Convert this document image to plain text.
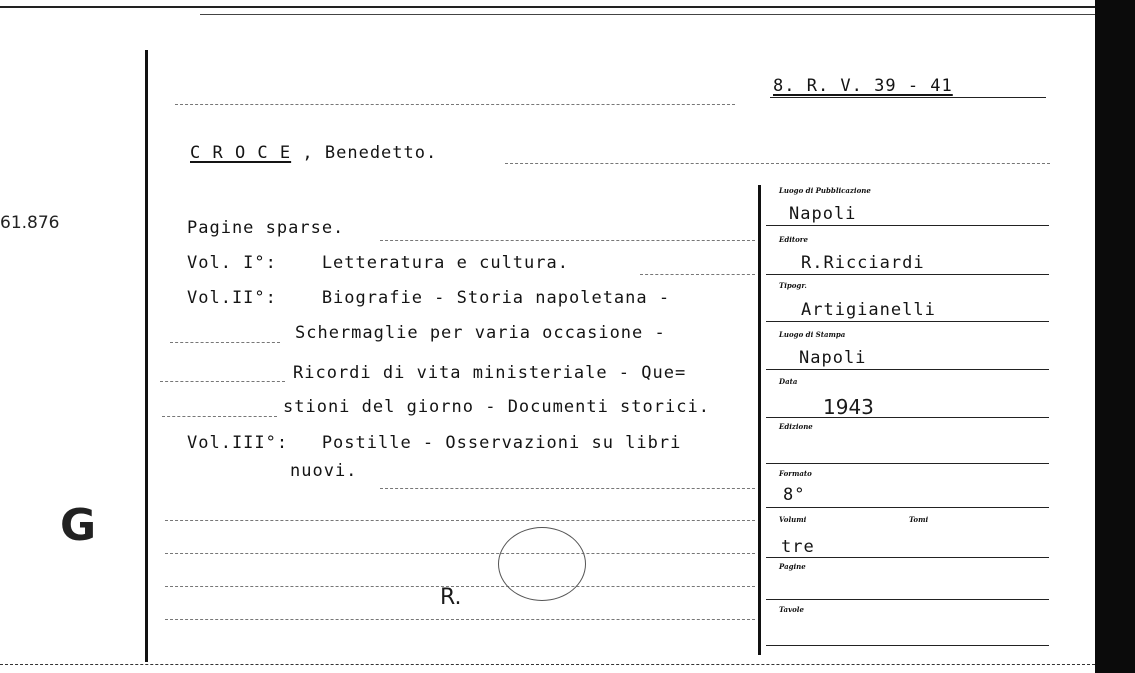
61.876
G
8. R. V. 39 - 41
C R O C E , Benedetto.
Pagine sparse.
Vol. I°:    Letteratura e cultura.
Vol.II°:    Biografie - Storia napoletana -
Schermaglie per varia occasione -
Ricordi di vita ministeriale - Que=
stioni del giorno - Documenti storici.
Vol.III°:   Postille - Osservazioni su libri
nuovi.
R.
Luogo di Pubblicazione
Napoli
Editore
R.Ricciardi
Tipogr.
Artigianelli
Luogo di Stampa
Napoli
Data
1943
Edizione
Formato
8°
Volumi	Tomi
tre
Pagine
Tavole
